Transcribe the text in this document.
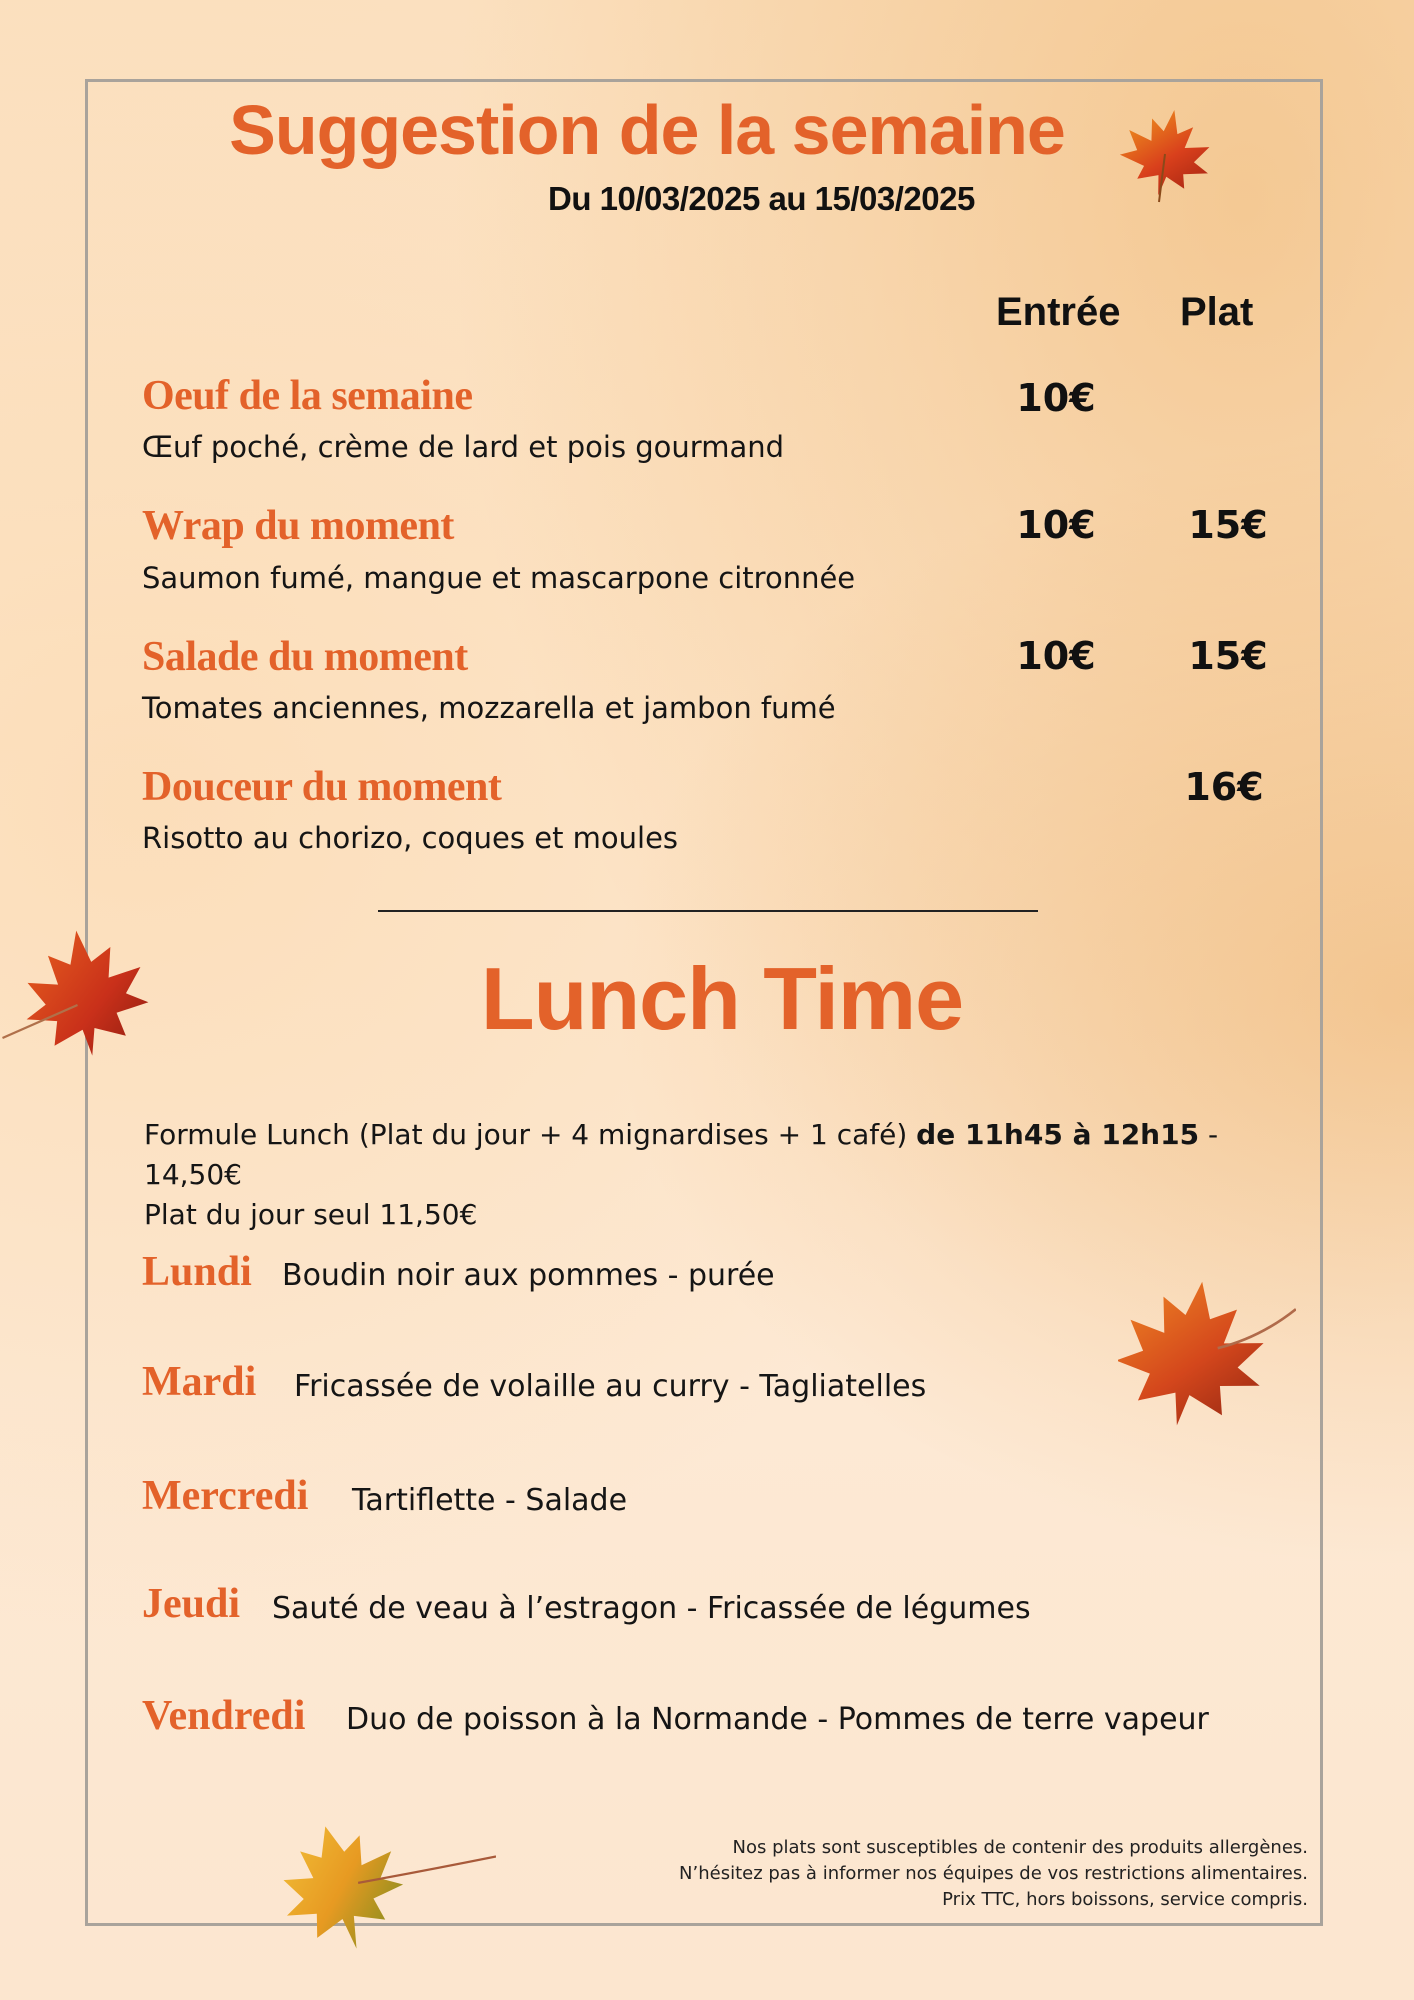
Suggestion de la semaine
Du 10/03/2025 au 15/03/2025
Entrée Plat
Oeuf de la semaine
Œuf poché, crème de lard et pois gourmand
10€
Wrap du moment
Saumon fumé, mangue et mascarpone citronnée
10€	15€
Salade du moment
Tomates anciennes, mozzarella et jambon fumé
10€	15€
Douceur du moment
Risotto au chorizo, coques et moules
16€
Lunch Time
Formule Lunch (Plat du jour + 4 mignardises + 1 café) de 11h45 à 12h15 - 14,50€
Plat du jour seul 11,50€
Lundi Boudin noir aux pommes - purée
Mardi Fricassée de volaille au curry - Tagliatelles
Mercredi Tartiflette - Salade
Jeudi Sauté de veau à l’estragon - Fricassée de légumes
Vendredi Duo de poisson à la Normande - Pommes de terre vapeur
Nos plats sont susceptibles de contenir des produits allergènes.
N’hésitez pas à informer nos équipes de vos restrictions alimentaires.
Prix TTC, hors boissons, service compris.
